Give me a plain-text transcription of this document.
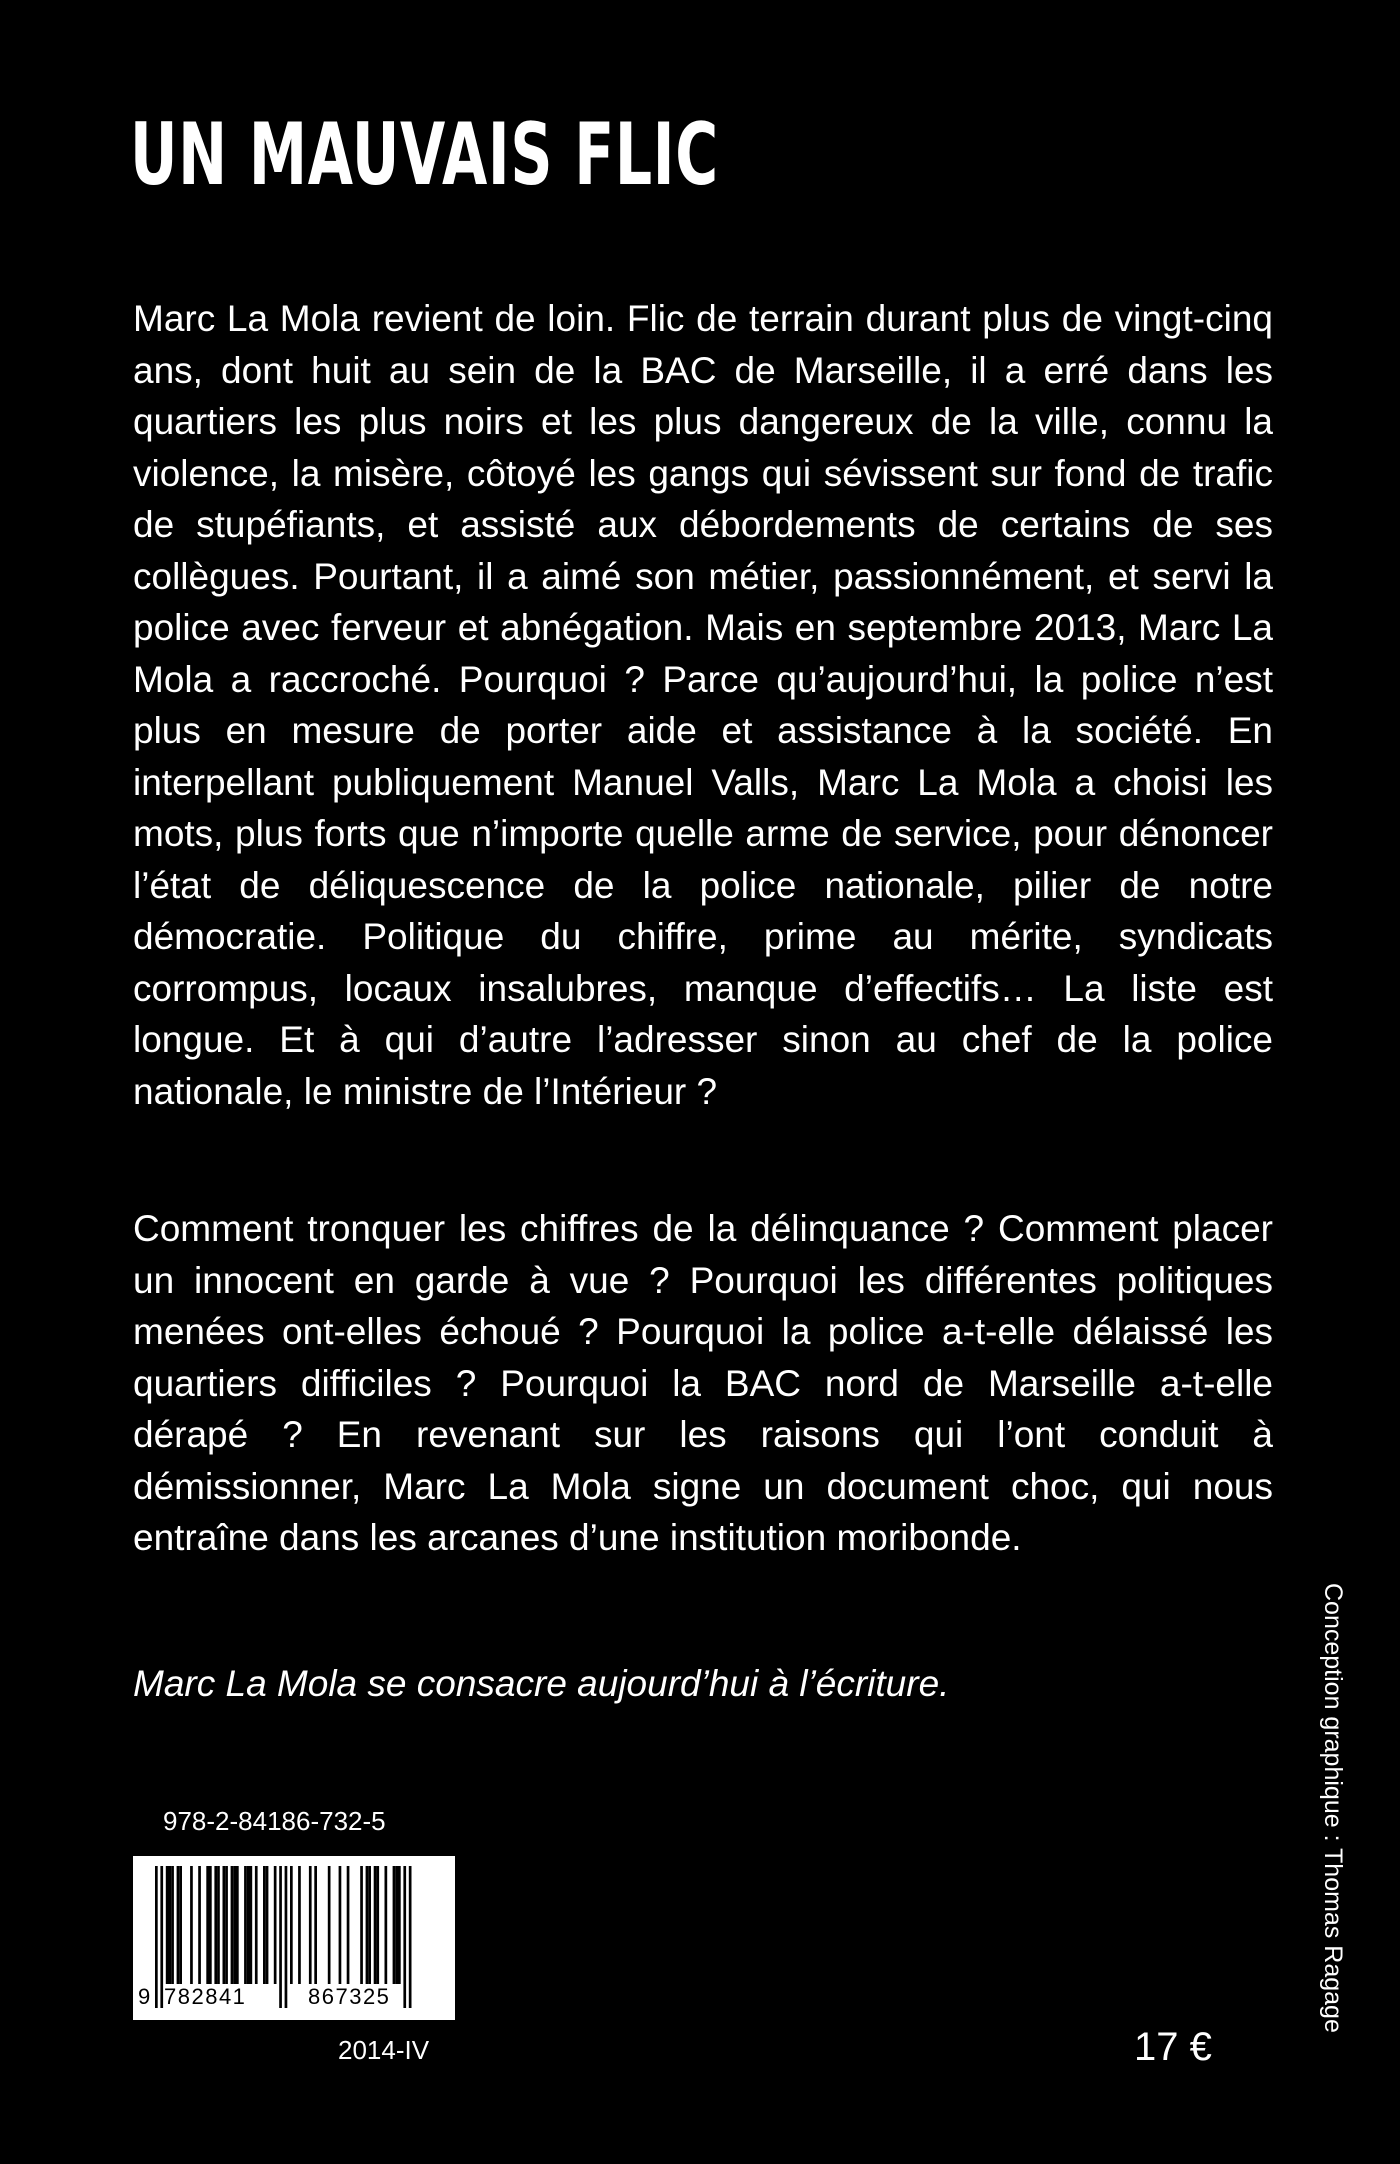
UN MAUVAIS FLIC

Marc La Mola revient de loin. Flic de terrain durant plus de vingt-cinq ans, dont huit au sein de la BAC de Marseille, il a erré dans les quartiers les plus noirs et les plus dangereux de la ville, connu la violence, la misère, côtoyé les gangs qui sévissent sur fond de trafic de stupéfiants, et assisté aux débordements de certains de ses collègues. Pourtant, il a aimé son métier, passionnément, et servi la police avec ferveur et abnégation. Mais en septembre 2013, Marc La Mola a raccroché. Pourquoi ? Parce qu’aujourd’hui, la police n’est plus en mesure de porter aide et assistance à la société. En interpellant publiquement Manuel Valls, Marc La Mola a choisi les mots, plus forts que n’importe quelle arme de service, pour dénoncer l’état de déliquescence de la police nationale, pilier de notre démocratie. Politique du chiffre, prime au mérite, syndicats corrompus, locaux insalubres, manque d’effectifs… La liste est longue. Et à qui d’autre l’adresser sinon au chef de la police nationale, le ministre de l’Intérieur ?

Comment tronquer les chiffres de la délinquance ? Comment placer un innocent en garde à vue ? Pourquoi les différentes politiques menées ont-elles échoué ? Pourquoi la police a-t-elle délaissé les quartiers difficiles ? Pourquoi la BAC nord de Marseille a-t-elle dérapé ? En revenant sur les raisons qui l’ont conduit à démissionner, Marc La Mola signe un document choc, qui nous entraîne dans les arcanes d’une institution moribonde.

Marc La Mola se consacre aujourd’hui à l’écriture.

978-2-84186-732-5
9 782841	867325
2014-IV	17 €
Conception graphique : Thomas Ragage
